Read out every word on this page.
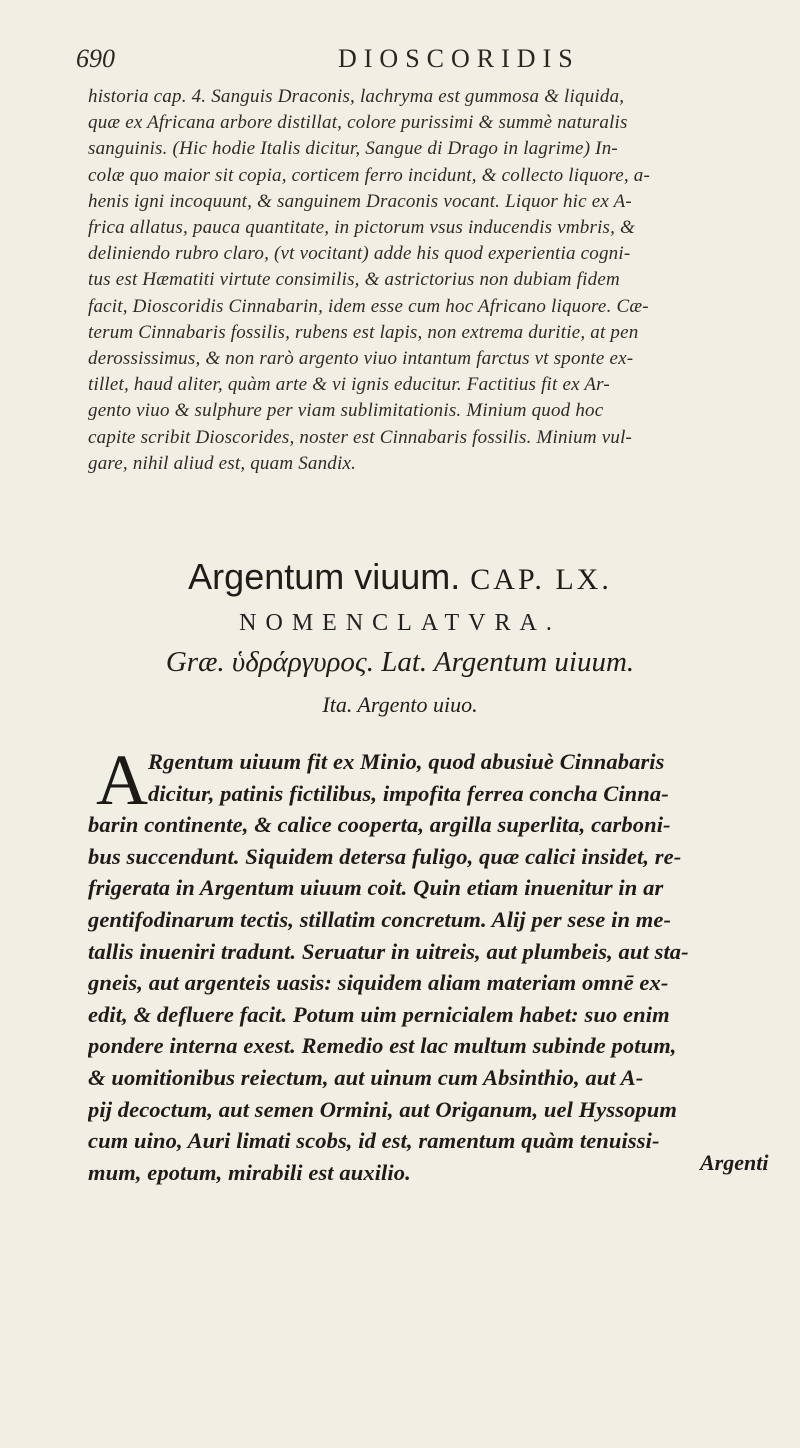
690	DIOSCORIDIS
historia cap. 4. Sanguis Draconis, lachryma est gummosa & liquida,
quæ ex Africana arbore distillat, colore purissimi & summè naturalis
sanguinis. (Hic hodie Italis dicitur, Sangue di Drago in lagrime) In-
colæ quo maior sit copia, corticem ferro incidunt, & collecto liquore, a-
henis igni incoquunt, & sanguinem Draconis vocant. Liquor hic ex A-
frica allatus, pauca quantitate, in pictorum vsus inducendis vmbris, &
deliniendo rubro claro, (vt vocitant) adde his quod experientia cogni-
tus est Hæmatiti virtute consimilis, & astrictorius non dubiam fidem
facit, Dioscoridis Cinnabarin, idem esse cum hoc Africano liquore. Cæ-
terum Cinnabaris fossilis, rubens est lapis, non extrema duritie, at pen
derossissimus, & non rarò argento viuo intantum farctus vt sponte ex-
tillet, haud aliter, quàm arte & vi ignis educitur. Factitius fit ex Ar-
gento viuo & sulphure per viam sublimitationis. Minium quod hoc
capite scribit Dioscorides, noster est Cinnabaris fossilis. Minium vul-
gare, nihil aliud est, quam Sandix.
Argentum viuum. CAP. LX.
NOMENCLATVRA.
Græ. ὑδράργυρος. Lat. Argentum uiuum.
Ita. Argento uiuo.
A Rgentum uiuum fit ex Minio, quod abusiuè Cinnabaris
dicitur, patinis fictilibus, impofita ferrea concha Cinna-
barin continente, & calice cooperta, argilla superlita, carboni-
bus succendunt. Siquidem detersa fuligo, quæ calici insidet, re-
frigerata in Argentum uiuum coit. Quin etiam inuenitur in ar
gentifodinarum tectis, stillatim concretum. Alij per sese in me-
tallis inueniri tradunt. Seruatur in uitreis, aut plumbeis, aut sta-
gneis, aut argenteis uasis: siquidem aliam materiam omnē ex-
edit, & defluere facit. Potum uim pernicialem habet: suo enim
pondere interna exest. Remedio est lac multum subinde potum,
& uomitionibus reiectum, aut uinum cum Absinthio, aut A-
pij decoctum, aut semen Ormini, aut Origanum, uel Hyssopum
cum uino, Auri limati scobs, id est, ramentum quàm tenuissi-
mum, epotum, mirabili est auxilio.	Argenti
